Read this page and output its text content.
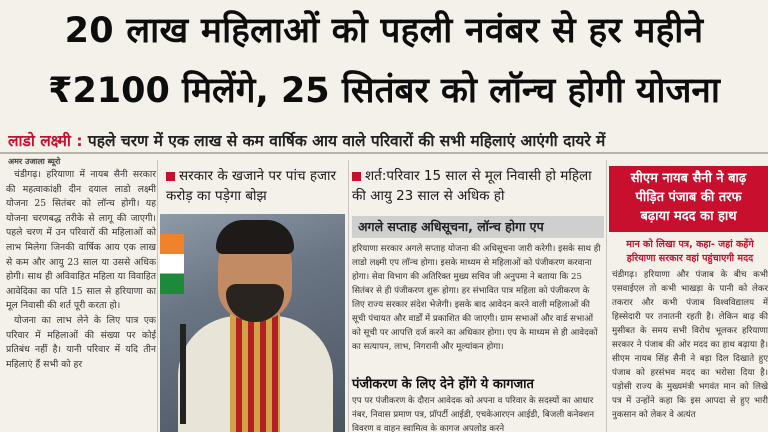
20 लाख महिलाओं को पहली नवंबर से हर महीने
₹2100 मिलेंगे, 25 सितंबर को लॉन्च होगी योजना
लाडो लक्ष्मी : पहले चरण में एक लाख से कम वार्षिक आय वाले परिवारों की सभी महिलाएं आएंगी दायरे में
अमर उजाला ब्यूरो

चंडीगढ़। हरियाणा में नायब सैनी सरकार की महत्वाकांक्षी दीन दयाल लाडो लक्ष्मी योजना 25 सितंबर को लॉन्च होगी। यह योजना चरणबद्ध तरीके से लागू की जाएगी। पहले चरण में उन परिवारों की महिलाओं को लाभ मिलेगा जिनकी वार्षिक आय एक लाख से कम और आयु 23 साल या उससे अधिक होगी। साथ ही अविवाहित महिला या विवाहित आवेदिका का पति 15 साल से हरियाणा का मूल निवासी की शर्त पूरी करता हो।

योजना का लाभ लेने के लिए पात्र एक परिवार में महिलाओं की संख्या पर कोई प्रतिबंध नहीं है। यानी परिवार में यदि तीन महिलाएं हैं सभी को हर

सरकार के खजाने पर पांच हजार करोड़ का पड़ेगा बोझ
शर्त:परिवार 15 साल से मूल निवासी हो महिला की आयु 23 साल से अधिक हो
अगले सप्ताह अधिसूचना, लॉन्च होगा एप

हरियाणा सरकार अगले सप्ताह योजना की अधिसूचना जारी करेगी। इसके साथ ही लाडो लक्ष्मी एप लॉन्च होगा। इसके माध्यम से महिलाओं को पंजीकरण करवाना होगा। सेवा विभाग की अतिरिक्त मुख्य सचिव जी अनुपमा ने बताया कि 25 सितंबर से ही पंजीकरण शुरू होगा। हर संभावित पात्र महिला को पंजीकरण के लिए राज्य सरकार संदेश भेजेगी। इसके बाद आवेदन करने वाली महिलाओं की सूची पंचायत और वार्डों में प्रकाशित की जाएगी। ग्राम सभाओं और वार्ड सभाओं को सूची पर आपत्ति दर्ज करने का अधिकार होगा। एप के माध्यम से ही आवेदकों का सत्यापन, लाभ, निगरानी और मूल्यांकन होगा।

पंजीकरण के लिए देने होंगे ये कागजात
एप पर पंजीकरण के दौरान आवेदक को अपना व परिवार के सदस्यों का आधार नंबर, निवास प्रमाण पत्र, प्रॉपर्टी आईडी, एचकेआरएन आईडी, बिजली कनेक्शन विवरण व वाहन स्वामित्व के कागज अपलोड करने
सीएम नायब सैनी ने बाढ़
पीड़ित पंजाब की तरफ
बढ़ाया मदद का हाथ
मान को लिखा पत्र, कहा- जहां कहेंगे हरियाणा सरकार वहां पहुंचाएगी मदद
चंडीगढ़। हरियाणा और पंजाब के बीच कभी एसवाईएल तो कभी भाखड़ा के पानी को लेकर तकरार और कभी पंजाब विश्वविद्यालय में हिस्सेदारी पर तनातनी रहती है। लेकिन बाढ़ की मुसीबत के समय सभी विरोध भूलकर हरियाणा सरकार ने पंजाब की ओर मदद का हाथ बढ़ाया है। सीएम नायब सिंह सैनी ने बड़ा दिल दिखाते हुए पंजाब को हरसंभव मदद का भरोसा दिया है। पड़ोसी राज्य के मुख्यमंत्री भगवंत मान को लिखे पत्र में उन्होंने कहा कि इस आपदा से हुए भारी नुकसान को लेकर वे अत्यंत
